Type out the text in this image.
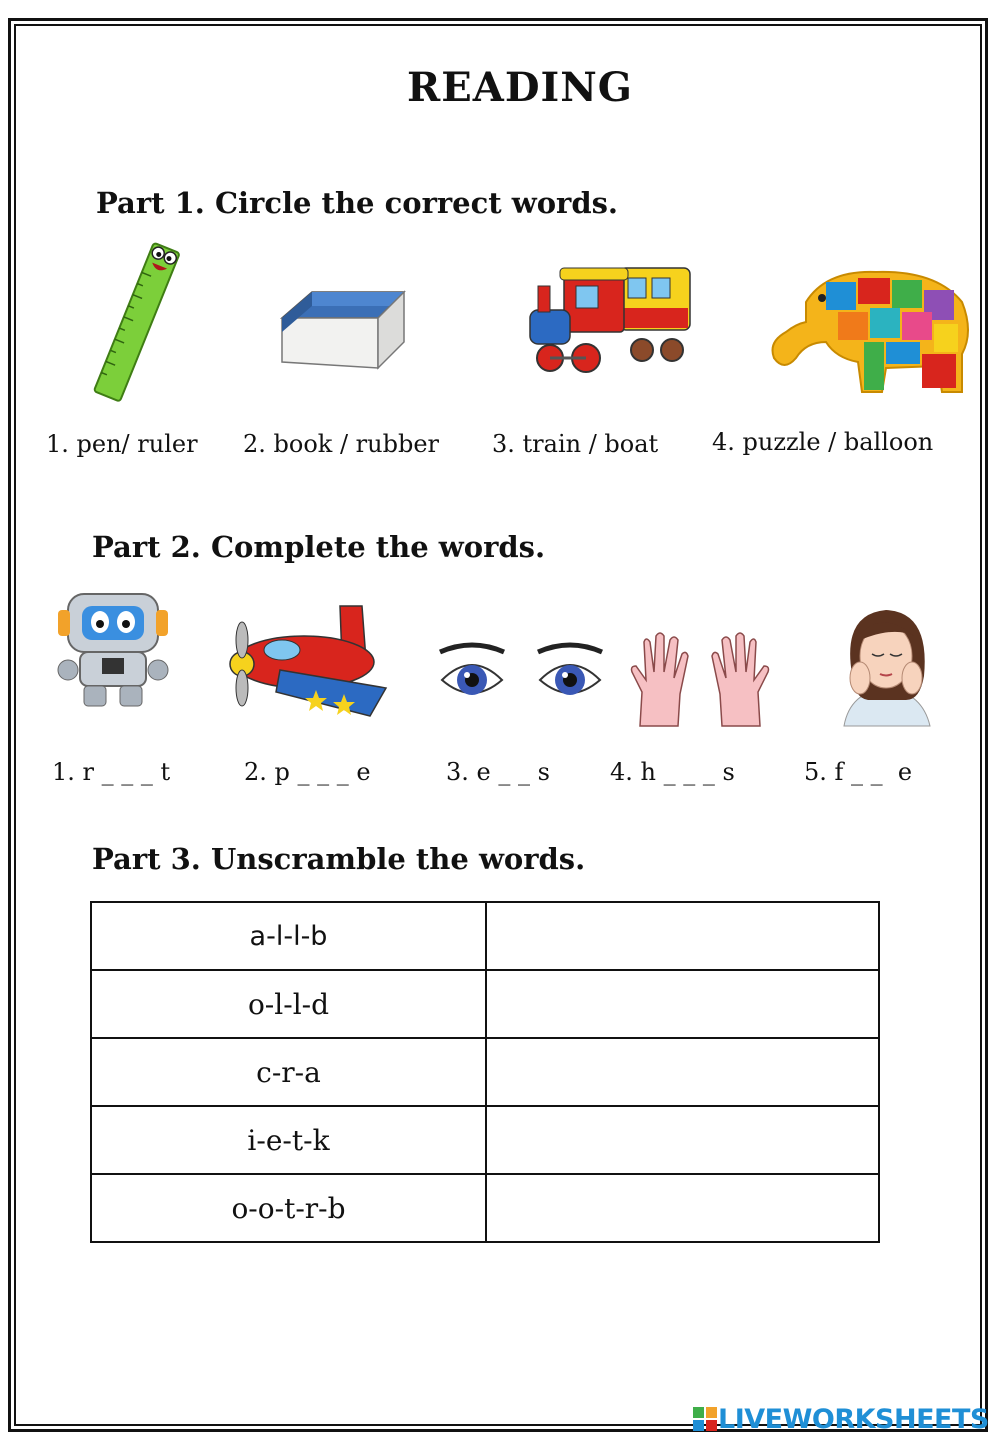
READING
Part 1. Circle the correct words.
1. pen/ ruler 2. book / rubber 3. train / boat 4. puzzle / balloon
Part 2. Complete the words.
1. r _ _ _ t	2. p _ _ _ e	3. e _ _ s	4. h _ _ _ s	5. f _ _  e
Part 3. Unscramble the words.
a-l-l-b	
o-l-l-d	
c-r-a	
i-e-t-k	
o-o-t-r-b	
LIVEWORKSHEETS
